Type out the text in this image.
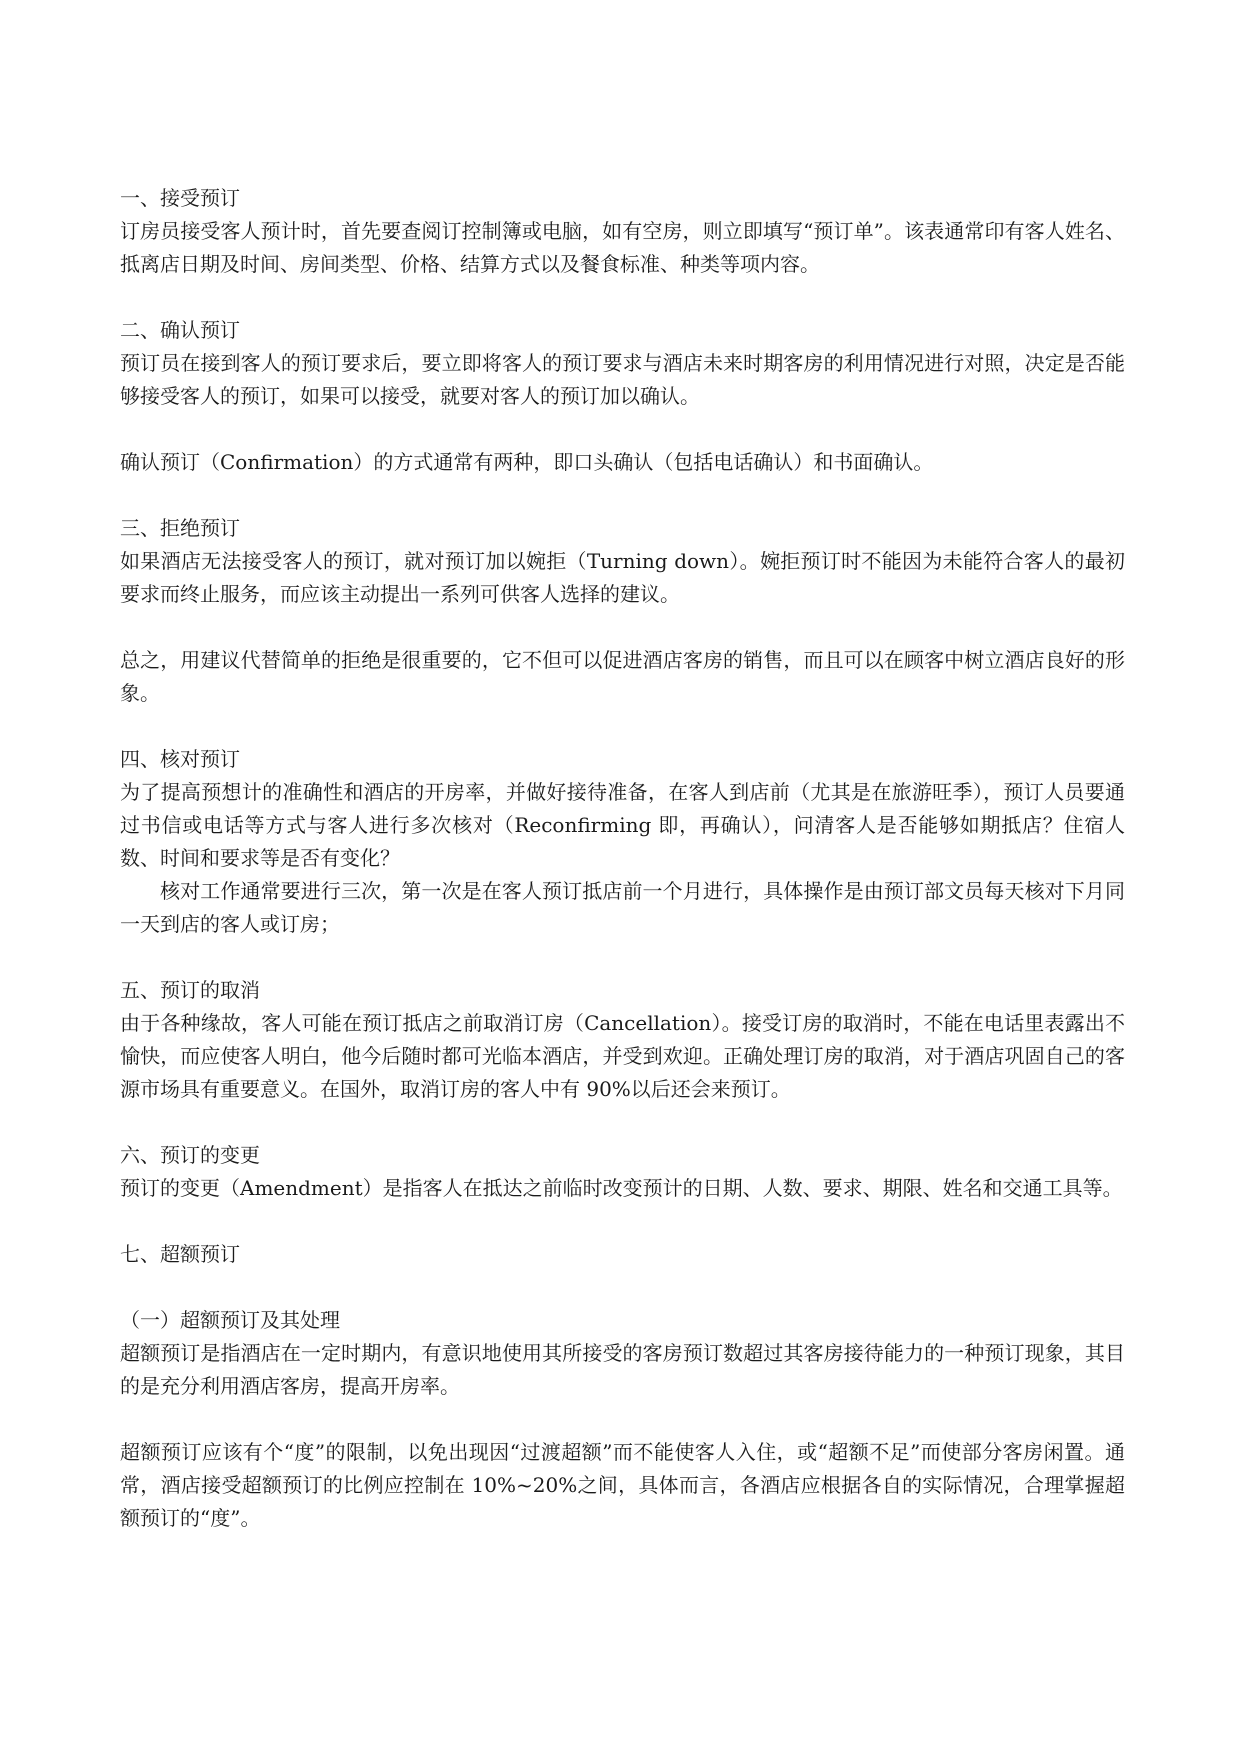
一、接受预订

订房员接受客人预计时，首先要查阅订控制簿或电脑，如有空房，则立即填写“预订单”。该表通常印有客人姓名、抵离店日期及时间、房间类型、价格、结算方式以及餐食标准、种类等项内容。

二、确认预订

预订员在接到客人的预订要求后，要立即将客人的预订要求与酒店未来时期客房的利用情况进行对照，决定是否能够接受客人的预订，如果可以接受，就要对客人的预订加以确认。

确认预订（Confirmation）的方式通常有两种，即口头确认（包括电话确认）和书面确认。

三、拒绝预订

如果酒店无法接受客人的预订，就对预订加以婉拒（Turning down）。婉拒预订时不能因为未能符合客人的最初要求而终止服务，而应该主动提出一系列可供客人选择的建议。

总之，用建议代替简单的拒绝是很重要的，它不但可以促进酒店客房的销售，而且可以在顾客中树立酒店良好的形象。

四、核对预订

为了提高预想计的准确性和酒店的开房率，并做好接待准备，在客人到店前（尤其是在旅游旺季），预订人员要通过书信或电话等方式与客人进行多次核对（Reconfirming 即，再确认），问清客人是否能够如期抵店？住宿人数、时间和要求等是否有变化？

核对工作通常要进行三次，第一次是在客人预订抵店前一个月进行，具体操作是由预订部文员每天核对下月同一天到店的客人或订房；

五、预订的取消

由于各种缘故，客人可能在预订抵店之前取消订房（Cancellation）。接受订房的取消时，不能在电话里表露出不愉快，而应使客人明白，他今后随时都可光临本酒店，并受到欢迎。正确处理订房的取消，对于酒店巩固自己的客源市场具有重要意义。在国外，取消订房的客人中有 90%以后还会来预订。

六、预订的变更

预订的变更（Amendment）是指客人在抵达之前临时改变预计的日期、人数、要求、期限、姓名和交通工具等。

七、超额预订

（一）超额预订及其处理

超额预订是指酒店在一定时期内，有意识地使用其所接受的客房预订数超过其客房接待能力的一种预订现象，其目的是充分利用酒店客房，提高开房率。

超额预订应该有个“度”的限制，以免出现因“过渡超额”而不能使客人入住，或“超额不足”而使部分客房闲置。通常，酒店接受超额预订的比例应控制在 10%~20%之间，具体而言，各酒店应根据各自的实际情况，合理掌握超额预订的“度”。
